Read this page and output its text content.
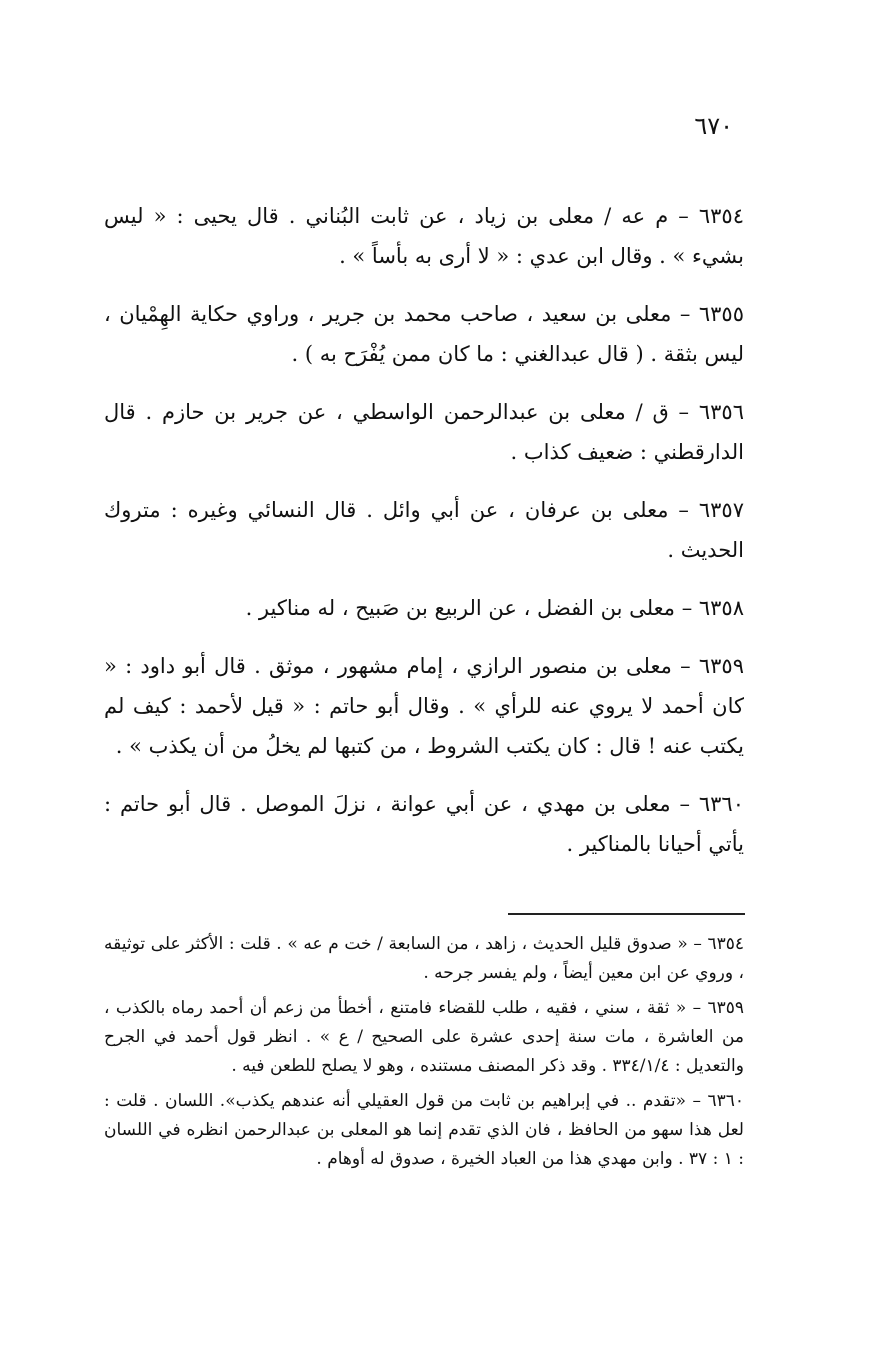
٦٧٠

٦٣٥٤ – م عه / معلى بن زياد ، عن ثابت البُناني . قال يحيى : « ليس بشيء » . وقال ابن عدي : « لا أرى به بأساً » .

٦٣٥٥ – معلى بن سعيد ، صاحب محمد بن جرير ، وراوي حكاية الهِمْيان ، ليس بثقة . ( قال عبدالغني : ما كان ممن يُفْرَح به ) .

٦٣٥٦ – ق / معلى بن عبدالرحمن الواسطي ، عن جرير بن حازم . قال الدارقطني : ضعيف كذاب .

٦٣٥٧ – معلى بن عرفان ، عن أبي وائل . قال النسائي وغيره : متروك الحديث .

٦٣٥٨ – معلى بن الفضل ، عن الربيع بن صَبيح ، له مناكير .

٦٣٥٩ – معلى بن منصور الرازي ، إمام مشهور ، موثق . قال أبو داود : « كان أحمد لا يروي عنه للرأي » . وقال أبو حاتم : « قيل لأحمد : كيف لم يكتب عنه ! قال : كان يكتب الشروط ، من كتبها لم يخلُ من أن يكذب » .

٦٣٦٠ – معلى بن مهدي ، عن أبي عوانة ، نزلَ الموصل . قال أبو حاتم : يأتي أحيانا بالمناكير .

٦٣٥٤ – « صدوق قليل الحديث ، زاهد ، من السابعة / خت م عه » . قلت : الأكثر على توثيقه ، وروي عن ابن معين أيضاً ، ولم يفسر جرحه .

٦٣٥٩ – « ثقة ، سني ، فقيه ، طلب للقضاء فامتنع ، أخطأ من زعم أن أحمد رماه بالكذب ، من العاشرة ، مات سنة إحدى عشرة على الصحيح / ع » . انظر قول أحمد في الجرح والتعديل : ٣٣٤/١/٤ . وقد ذكر المصنف مستنده ، وهو لا يصلح للطعن فيه .

٦٣٦٠ – «تقدم .. في إبراهيم بن ثابت من قول العقيلي أنه عندهم يكذب». اللسان . قلت : لعل هذا سهو من الحافظ ، فان الذي تقدم إنما هو المعلى بن عبدالرحمن انظره في اللسان : ١ : ٣٧ . وابن مهدي هذا من العباد الخيرة ، صدوق له أوهام .
